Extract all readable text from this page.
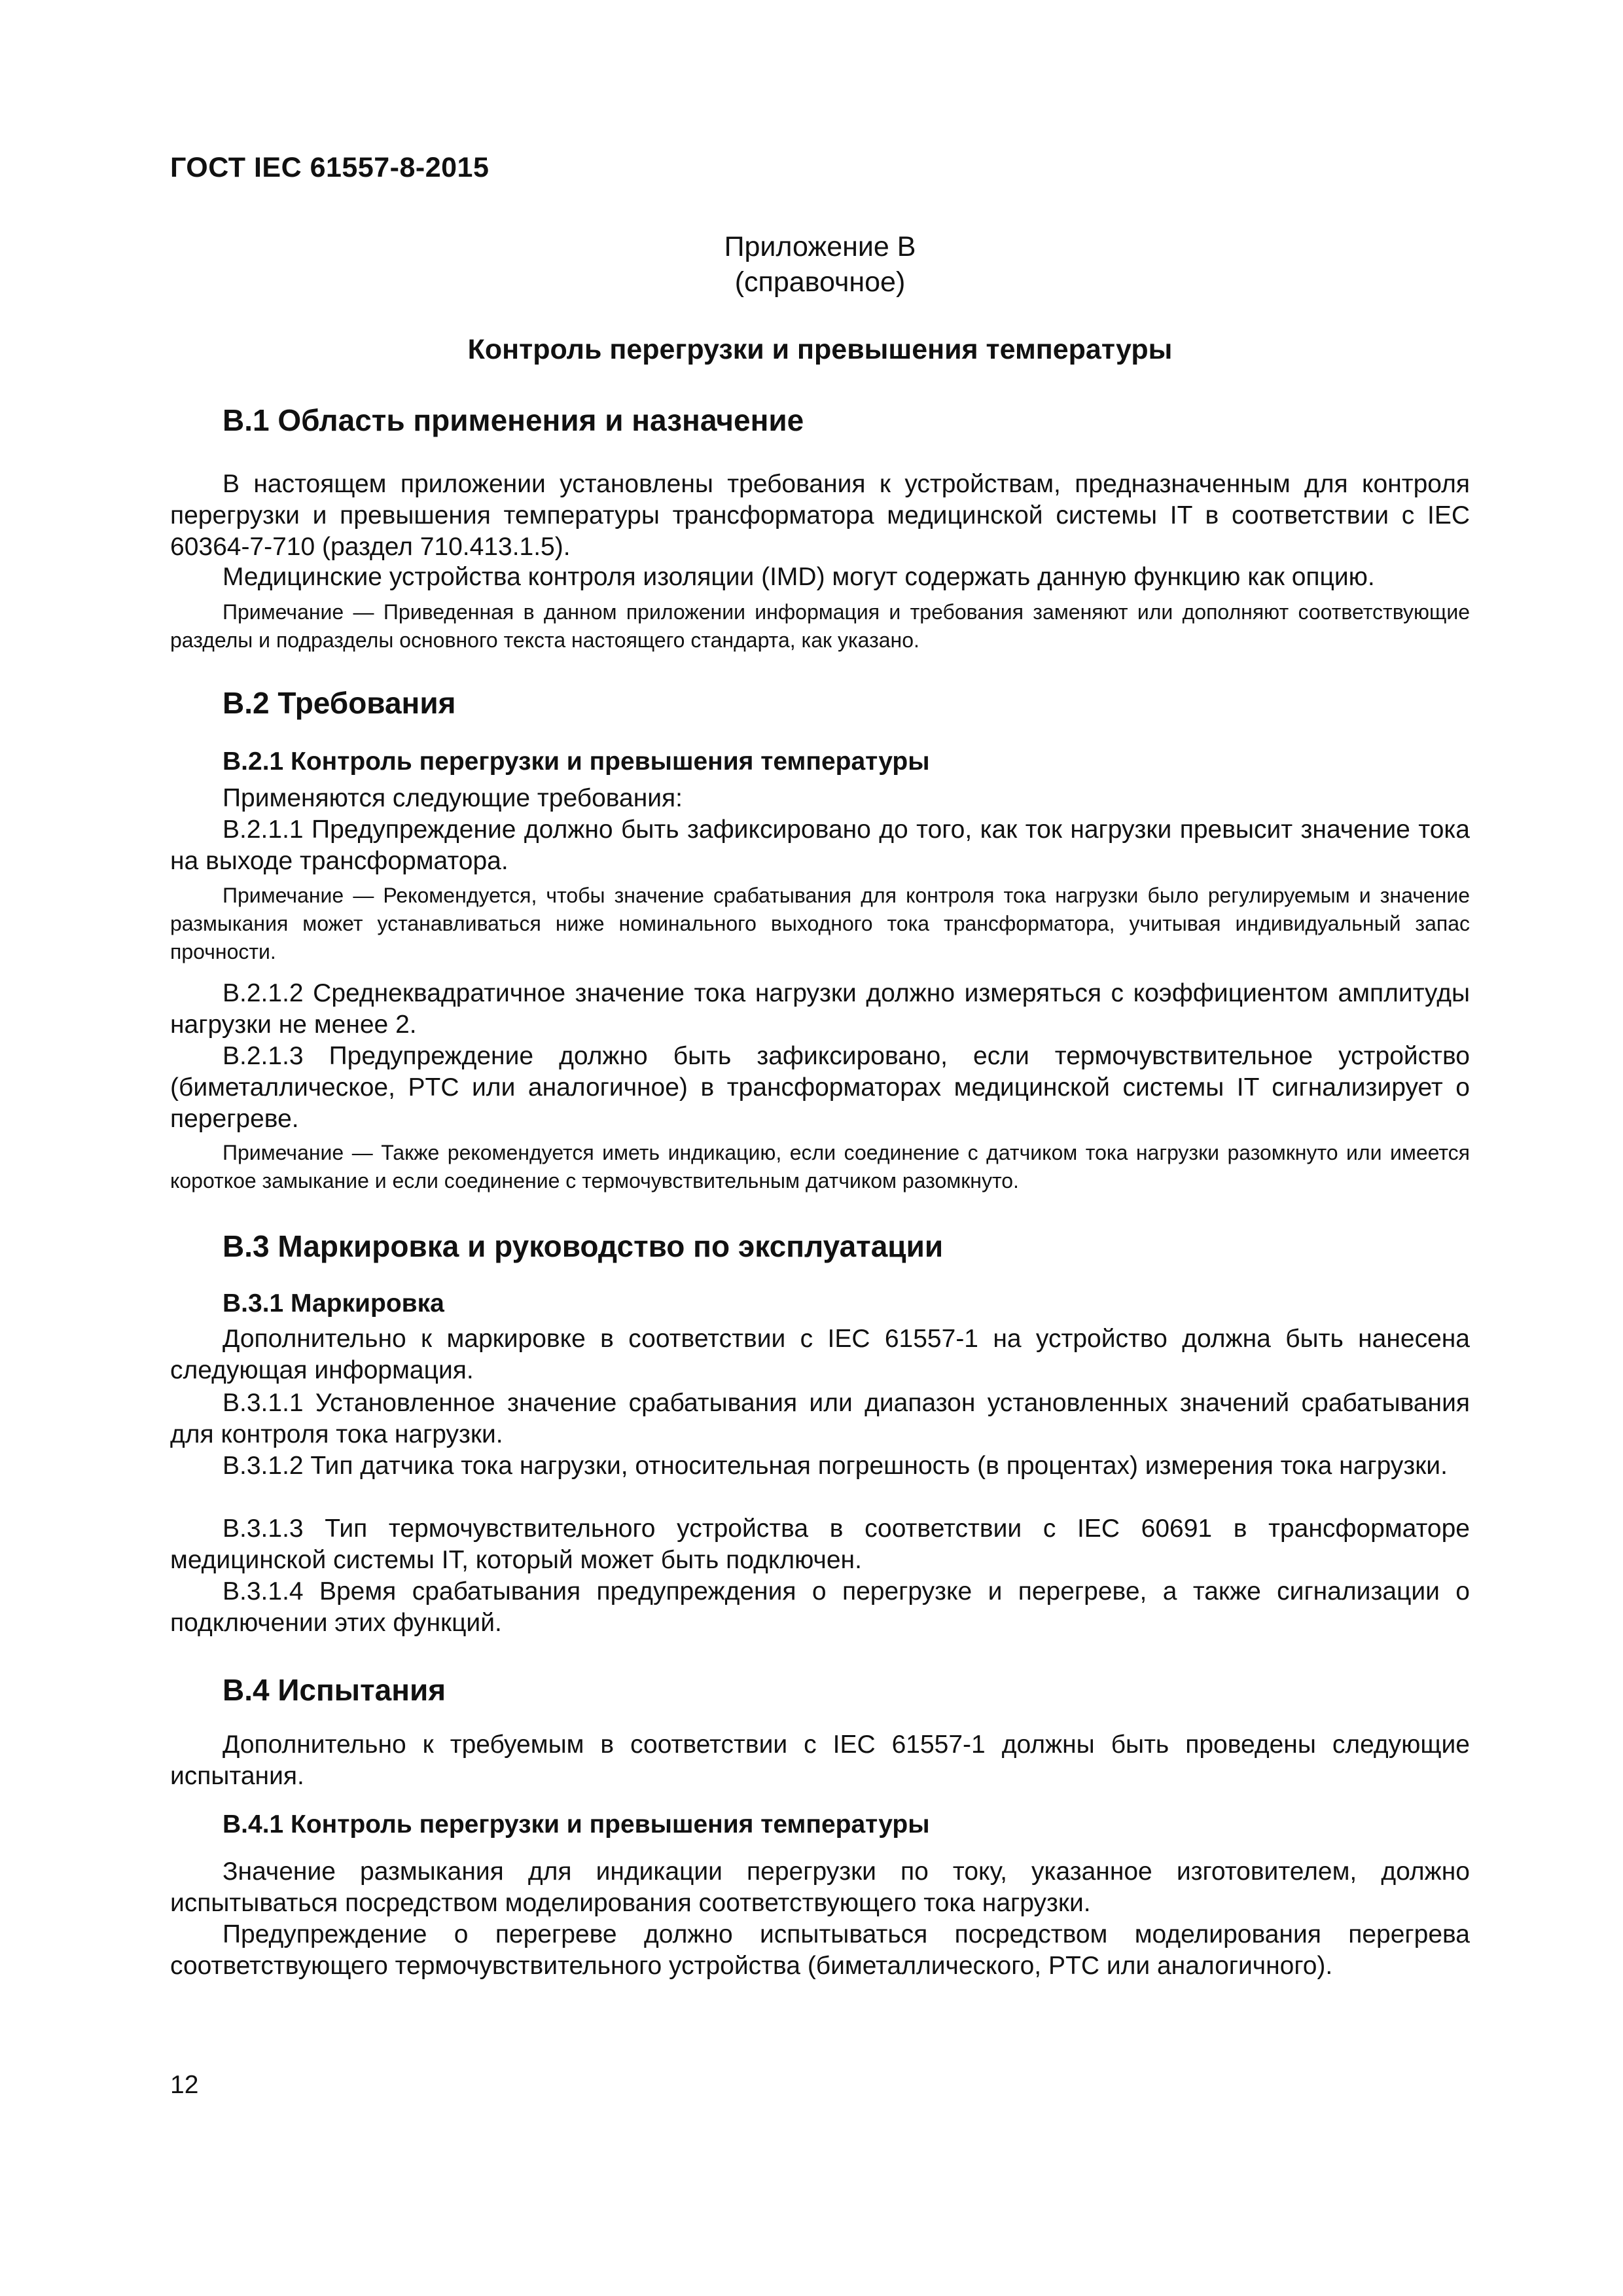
ГОСТ IEC 61557-8-2015
Приложение В
(справочное)
Контроль перегрузки и превышения температуры
В.1 Область применения и назначение
В настоящем приложении установлены требования к устройствам, предназначенным для контроля перегрузки и превышения температуры трансформатора медицинской системы IT в соответствии с IEC 60364-7-710 (раздел 710.413.1.5).
Медицинские устройства контроля изоляции (IMD) могут содержать данную функцию как опцию.
Примечание — Приведенная в данном приложении информация и требования заменяют или дополняют соответствующие разделы и подразделы основного текста настоящего стандарта, как указано.
В.2 Требования
В.2.1 Контроль перегрузки и превышения температуры
Применяются следующие требования:
В.2.1.1 Предупреждение должно быть зафиксировано до того, как ток нагрузки превысит значение тока на выходе трансформатора.
Примечание — Рекомендуется, чтобы значение срабатывания для контроля тока нагрузки было регулируемым и значение размыкания может устанавливаться ниже номинального выходного тока трансформатора, учитывая индивидуальный запас прочности.
В.2.1.2 Среднеквадратичное значение тока нагрузки должно измеряться с коэффициентом амплитуды нагрузки не менее 2.
В.2.1.3 Предупреждение должно быть зафиксировано, если термочувствительное устройство (биметаллическое, PTC или аналогичное) в трансформаторах медицинской системы IT сигнализирует о перегреве.
Примечание — Также рекомендуется иметь индикацию, если соединение с датчиком тока нагрузки разомкнуто или имеется короткое замыкание и если соединение с термочувствительным датчиком разомкнуто.
В.3 Маркировка и руководство по эксплуатации
В.3.1 Маркировка
Дополнительно к маркировке в соответствии с IEC 61557-1 на устройство должна быть нанесена следующая информация.
В.3.1.1 Установленное значение срабатывания или диапазон установленных значений срабатывания для контроля тока нагрузки.
В.3.1.2 Тип датчика тока нагрузки, относительная погрешность (в процентах) измерения тока нагрузки.
В.3.1.3 Тип термочувствительного устройства в соответствии с IEC 60691 в трансформаторе медицинской системы IT, который может быть подключен.
В.3.1.4 Время срабатывания предупреждения о перегрузке и перегреве, а также сигнализации о подключении этих функций.
В.4 Испытания
Дополнительно к требуемым в соответствии с IEC 61557-1 должны быть проведены следующие испытания.
В.4.1 Контроль перегрузки и превышения температуры
Значение размыкания для индикации перегрузки по току, указанное изготовителем, должно испытываться посредством моделирования соответствующего тока нагрузки.
Предупреждение о перегреве должно испытываться посредством моделирования перегрева соответствующего термочувствительного устройства (биметаллического, PTC или аналогичного).
12
